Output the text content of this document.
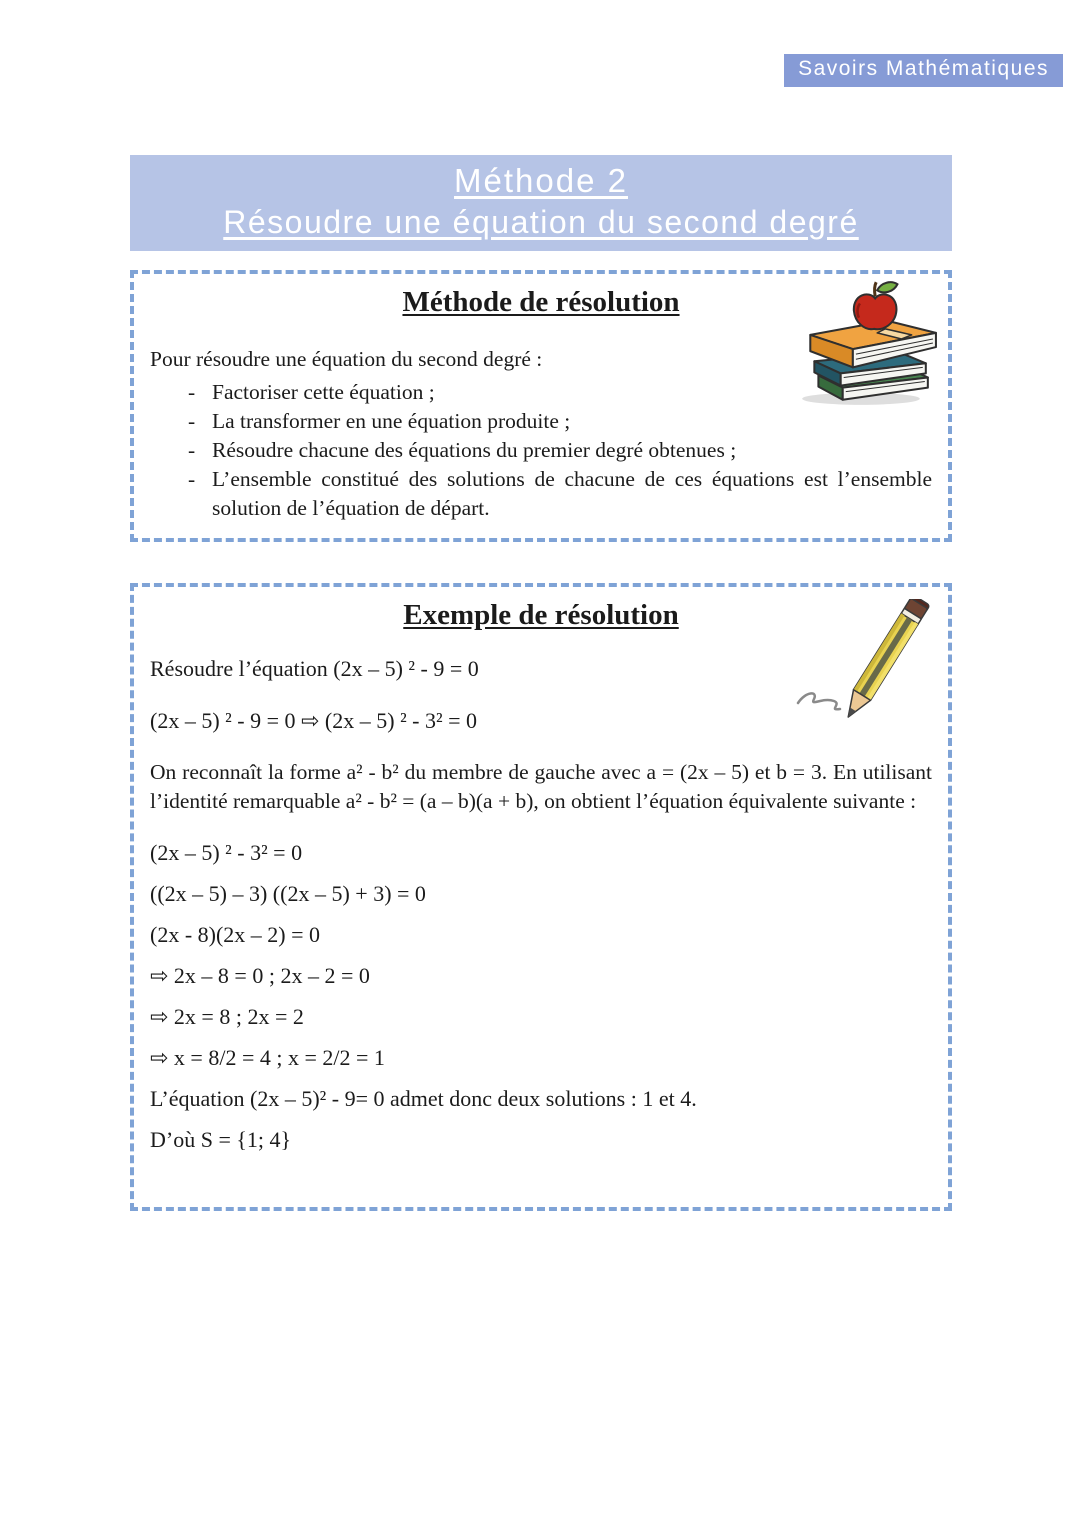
Savoirs Mathématiques
Méthode 2
Résoudre une équation du second degré
Méthode de résolution
Pour résoudre une équation du second degré :
- Factoriser cette équation ;
- La transformer en une équation produite ;
- Résoudre chacune des équations du premier degré obtenues ;
- L’ensemble constitué des solutions de chacune de ces équations est l’ensemble solution de l’équation de départ.
Exemple de résolution
Résoudre l’équation (2x – 5) ² - 9 = 0
(2x – 5) ² - 9 = 0 ⇨ (2x – 5) ² - 3² = 0
On reconnaît la forme a² - b² du membre de gauche avec a = (2x – 5) et b = 3. En utilisant l’identité remarquable a² - b² = (a – b)(a + b), on obtient l’équation équivalente suivante :
(2x – 5) ² - 3² = 0
((2x – 5) – 3) ((2x – 5) + 3) = 0
(2x - 8)(2x – 2) = 0
⇨ 2x – 8 = 0 ; 2x – 2 = 0
⇨ 2x = 8 ; 2x = 2
⇨ x = 8/2 = 4 ; x = 2/2 = 1
L’équation (2x – 5)² - 9= 0 admet donc deux solutions : 1 et 4.
D’où S = {1; 4}
